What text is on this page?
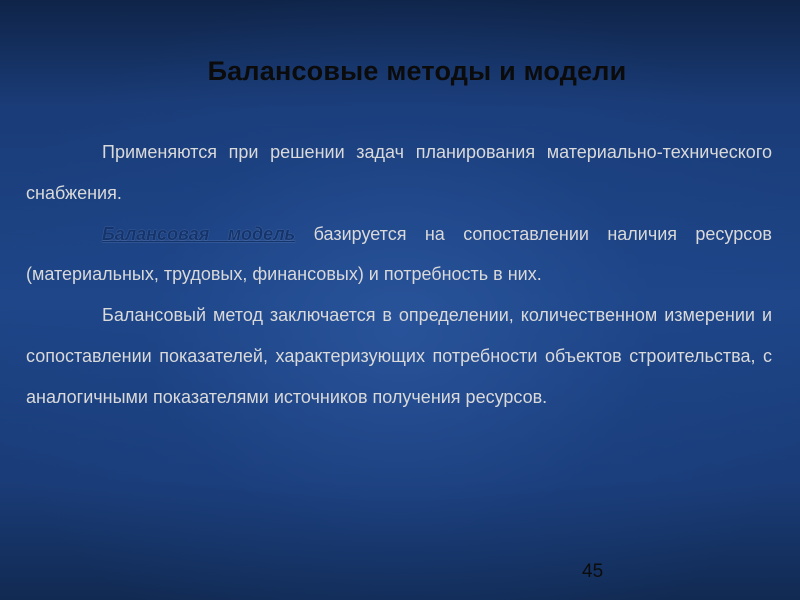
Балансовые методы и модели

Применяются при решении задач планирования материально-технического снабжения.

Балансовая модель базируется на сопоставлении наличия ресурсов (материальных, трудовых, финансовых) и потребность в них.

Балансовый метод заключается в определении, количественном измерении и сопоставлении показателей, характеризующих потребности объектов строительства, с аналогичными показателями источников получения ресурсов.

45
